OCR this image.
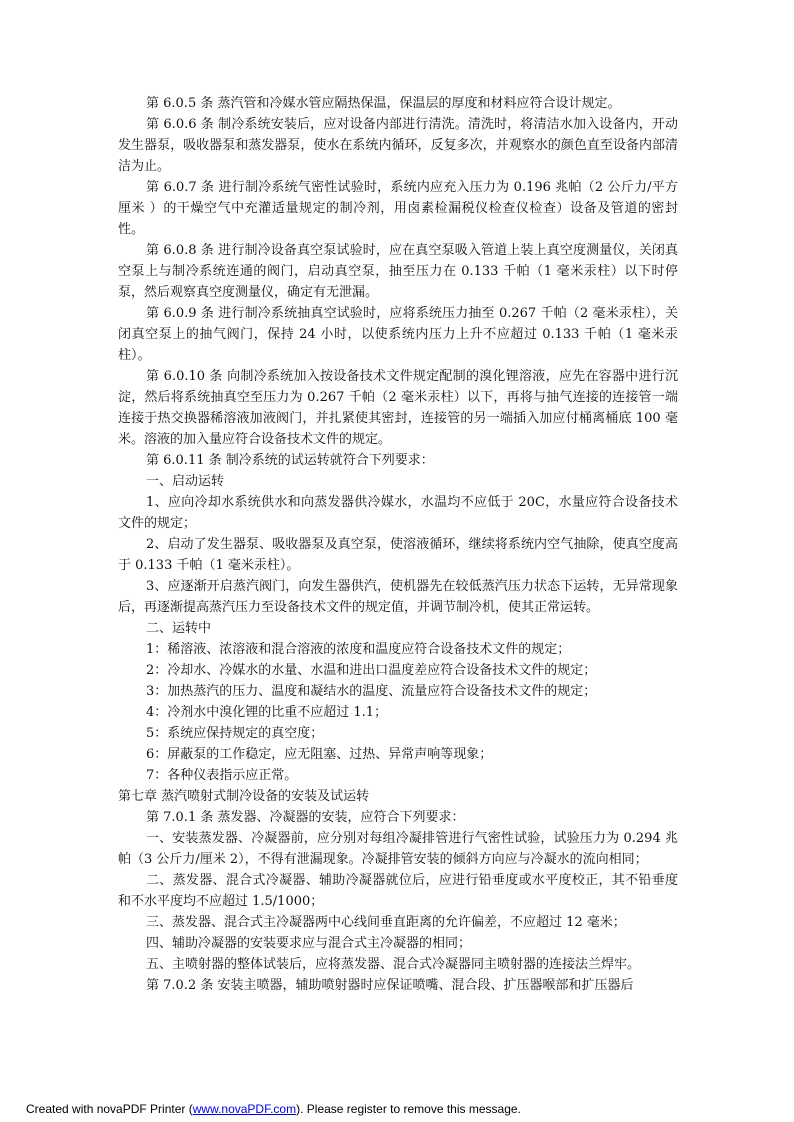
第 6.0.5 条 蒸汽管和冷媒水管应隔热保温，保温层的厚度和材料应符合设计规定。

第 6.0.6 条 制冷系统安装后，应对设备内部进行清洗。清洗时，将清洁水加入设备内，开动发生器泵，吸收器泵和蒸发器泵，使水在系统内循环，反复多次，并观察水的颜色直至设备内部清洁为止。

第 6.0.7 条 进行制冷系统气密性试验时，系统内应充入压力为 0.196 兆帕（2 公斤力/平方厘米 ）的干燥空气中充灌适量规定的制冷剂，用卤素检漏税仪检查仪检查）设备及管道的密封性。

第 6.0.8 条 进行制冷设备真空泵试验时，应在真空泵吸入管道上装上真空度测量仪，关闭真空泵上与制冷系统连通的阀门，启动真空泵，抽至压力在 0.133 千帕（1 毫米汞柱）以下时停泵，然后观察真空度测量仪，确定有无泄漏。

第 6.0.9 条 进行制冷系统抽真空试验时，应将系统压力抽至 0.267 千帕（2 毫米汞柱），关闭真空泵上的抽气阀门，保持 24 小时，以使系统内压力上升不应超过 0.133 千帕（1 毫米汞柱）。

第 6.0.10 条 向制冷系统加入按设备技术文件规定配制的溴化锂溶液，应先在容器中进行沉淀，然后将系统抽真空至压力为 0.267 千帕（2 毫米汞柱）以下，再将与抽气连接的连接管一端连接于热交换器稀溶液加液阀门，并扎紧使其密封，连接管的另一端插入加应付桶离桶底 100 毫米。溶液的加入量应符合设备技术文件的规定。

第 6.0.11 条 制冷系统的试运转就符合下列要求：

一、启动运转

1、应向冷却水系统供水和向蒸发器供冷媒水，水温均不应低于 20C，水量应符合设备技术文件的规定；

2、启动了发生器泵、吸收器泵及真空泵，使溶液循环，继续将系统内空气抽除，使真空度高于 0.133 千帕（1 毫米汞柱）。

3、应逐渐开启蒸汽阀门，向发生器供汽，使机器先在较低蒸汽压力状态下运转，无异常现象后，再逐渐提高蒸汽压力至设备技术文件的规定值，并调节制冷机，使其正常运转。

二、运转中

1：稀溶液、浓溶液和混合溶液的浓度和温度应符合设备技术文件的规定；

2：冷却水、冷媒水的水量、水温和进出口温度差应符合设备技术文件的规定；

3：加热蒸汽的压力、温度和凝结水的温度、流量应符合设备技术文件的规定；

4：冷剂水中溴化锂的比重不应超过 1.1；

5：系统应保持规定的真空度；

6：屏蔽泵的工作稳定，应无阻塞、过热、异常声响等现象；

7：各种仪表指示应正常。

第七章 蒸汽喷射式制冷设备的安装及试运转

第 7.0.1 条 蒸发器、冷凝器的安装，应符合下列要求：

一、安装蒸发器、冷凝器前，应分别对每组冷凝排管进行气密性试验，试验压力为 0.294 兆帕（3 公斤力/厘米 2），不得有泄漏现象。冷凝排管安装的倾斜方向应与冷凝水的流向相同；

二、蒸发器、混合式冷凝器、辅助冷凝器就位后，应进行铅垂度或水平度校正，其不铅垂度和不水平度均不应超过 1.5/1000；

三、蒸发器、混合式主冷凝器两中心线间垂直距离的允许偏差，不应超过 12 毫米；

四、辅助冷凝器的安装要求应与混合式主冷凝器的相同；

五、主喷射器的整体试装后，应将蒸发器、混合式冷凝器同主喷射器的连接法兰焊牢。

第 7.0.2 条 安装主喷器，辅助喷射器时应保证喷嘴、混合段、扩压器喉部和扩压器后

Created with novaPDF Printer (www.novaPDF.com). Please register to remove this message.
